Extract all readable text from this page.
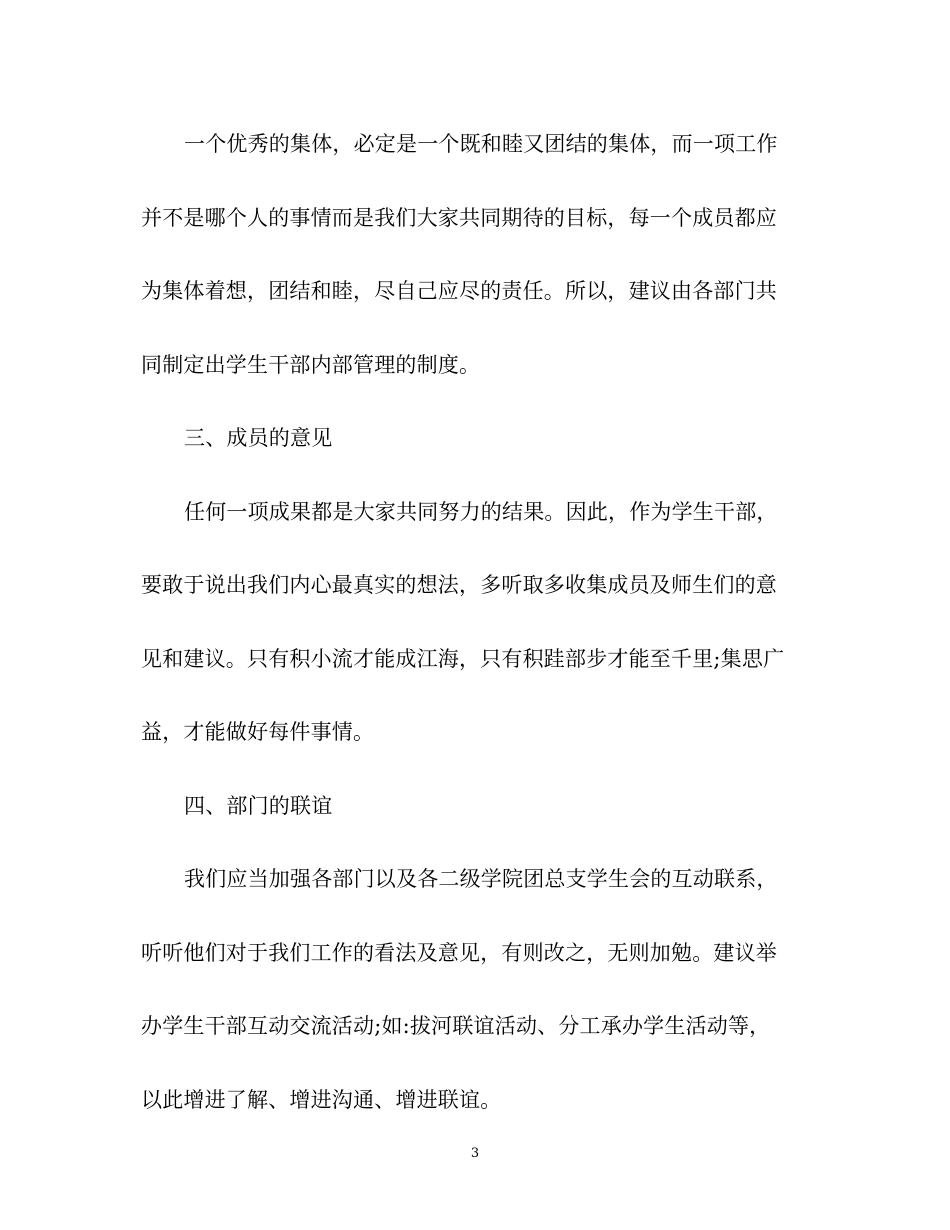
一个优秀的集体，必定是一个既和睦又团结的集体，而一项工作
并不是哪个人的事情而是我们大家共同期待的目标，每一个成员都应
为集体着想，团结和睦，尽自己应尽的责任。所以，建议由各部门共
同制定出学生干部内部管理的制度。
三、成员的意见
任何一项成果都是大家共同努力的结果。因此，作为学生干部，
要敢于说出我们内心最真实的想法，多听取多收集成员及师生们的意
见和建议。只有积小流才能成江海，只有积跬部步才能至千里;集思广
益，才能做好每件事情。
四、部门的联谊
我们应当加强各部门以及各二级学院团总支学生会的互动联系，
听听他们对于我们工作的看法及意见，有则改之，无则加勉。建议举
办学生干部互动交流活动;如:拔河联谊活动、分工承办学生活动等，
以此增进了解、增进沟通、增进联谊。
3
